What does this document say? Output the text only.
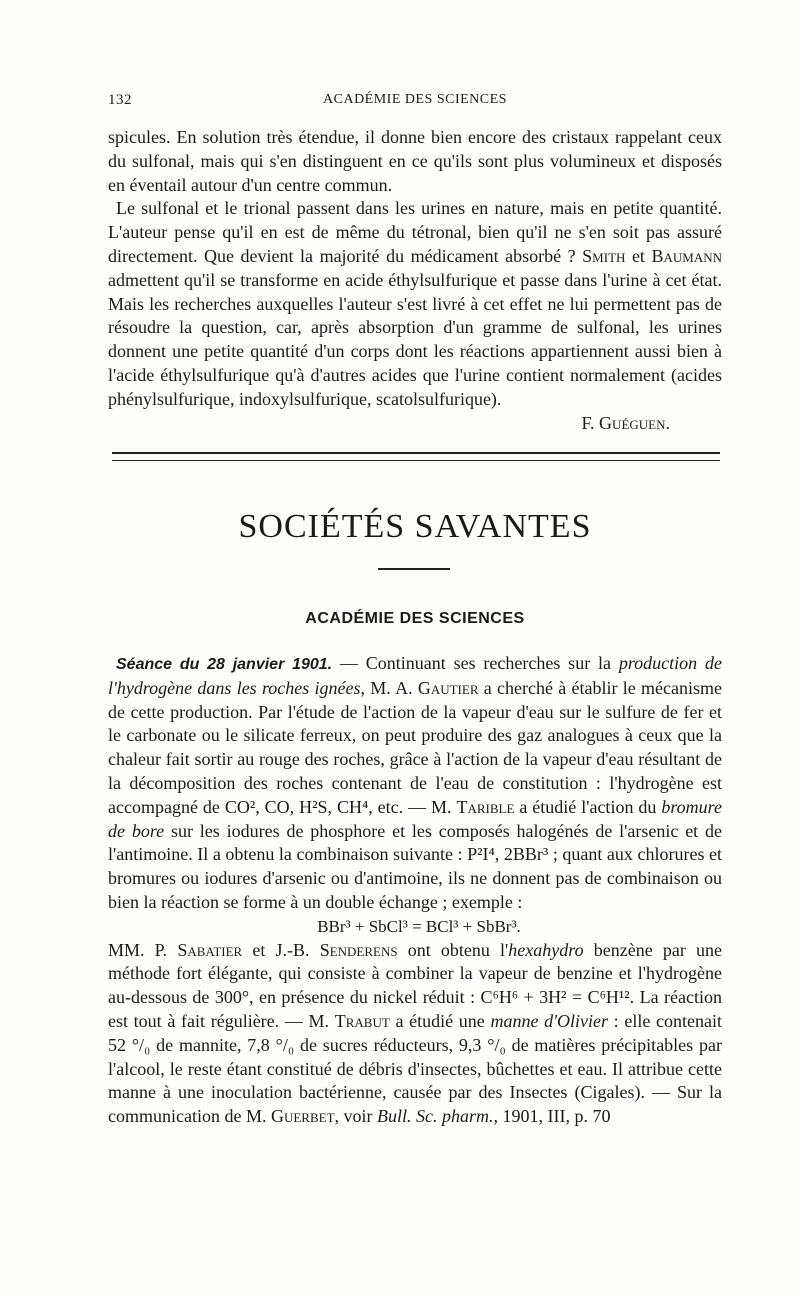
132	ACADÉMIE DES SCIENCES

spicules. En solution très étendue, il donne bien encore des cristaux rappelant ceux du sulfonal, mais qui s'en distinguent en ce qu'ils sont plus volumineux et disposés en éventail autour d'un centre commun.

Le sulfonal et le trional passent dans les urines en nature, mais en petite quantité. L'auteur pense qu'il en est de même du tétronal, bien qu'il ne s'en soit pas assuré directement. Que devient la majorité du médicament absorbé ? Smith et Baumann admettent qu'il se transforme en acide éthylsulfurique et passe dans l'urine à cet état. Mais les recherches auxquelles l'auteur s'est livré à cet effet ne lui permettent pas de résoudre la question, car, après absorption d'un gramme de sulfonal, les urines donnent une petite quantité d'un corps dont les réactions appartiennent aussi bien à l'acide éthylsulfurique qu'à d'autres acides que l'urine contient normalement (acides phénylsulfurique, indoxylsulfurique, scatolsulfurique).

F. Guéguen.

SOCIÉTÉS SAVANTES
ACADÉMIE DES SCIENCES

Séance du 28 janvier 1901. — Continuant ses recherches sur la production de l'hydrogène dans les roches ignées, M. A. Gautier a cherché à établir le mécanisme de cette production. Par l'étude de l'action de la vapeur d'eau sur le sulfure de fer et le carbonate ou le silicate ferreux, on peut produire des gaz analogues à ceux que la chaleur fait sortir au rouge des roches, grâce à l'action de la vapeur d'eau résultant de la décomposition des roches contenant de l'eau de constitution : l'hydrogène est accompagné de CO², CO, H²S, CH⁴, etc. — M. Tarible a étudié l'action du bromure de bore sur les iodures de phosphore et les composés halogénés de l'arsenic et de l'antimoine. Il a obtenu la combinaison suivante : P²I⁴, 2BBr³ ; quant aux chlorures et bromures ou iodures d'arsenic ou d'antimoine, ils ne donnent pas de combinaison ou bien la réaction se forme à un double échange ; exemple :

BBr³ + SbCl³ = BCl³ + SbBr³.

MM. P. Sabatier et J.-B. Senderens ont obtenu l'hexahydro benzène par une méthode fort élégante, qui consiste à combiner la vapeur de benzine et l'hydrogène au-dessous de 300°, en présence du nickel réduit : C⁶H⁶ + 3H² = C⁶H¹². La réaction est tout à fait régulière. — M. Trabut a étudié une manne d'Olivier : elle contenait 52 °/₀ de mannite, 7,8 °/₀ de sucres réducteurs, 9,3 °/₀ de matières précipitables par l'alcool, le reste étant constitué de débris d'insectes, bûchettes et eau. Il attribue cette manne à une inoculation bactérienne, causée par des Insectes (Cigales). — Sur la communication de M. Guerbet, voir Bull. Sc. pharm., 1901, III, p. 70
